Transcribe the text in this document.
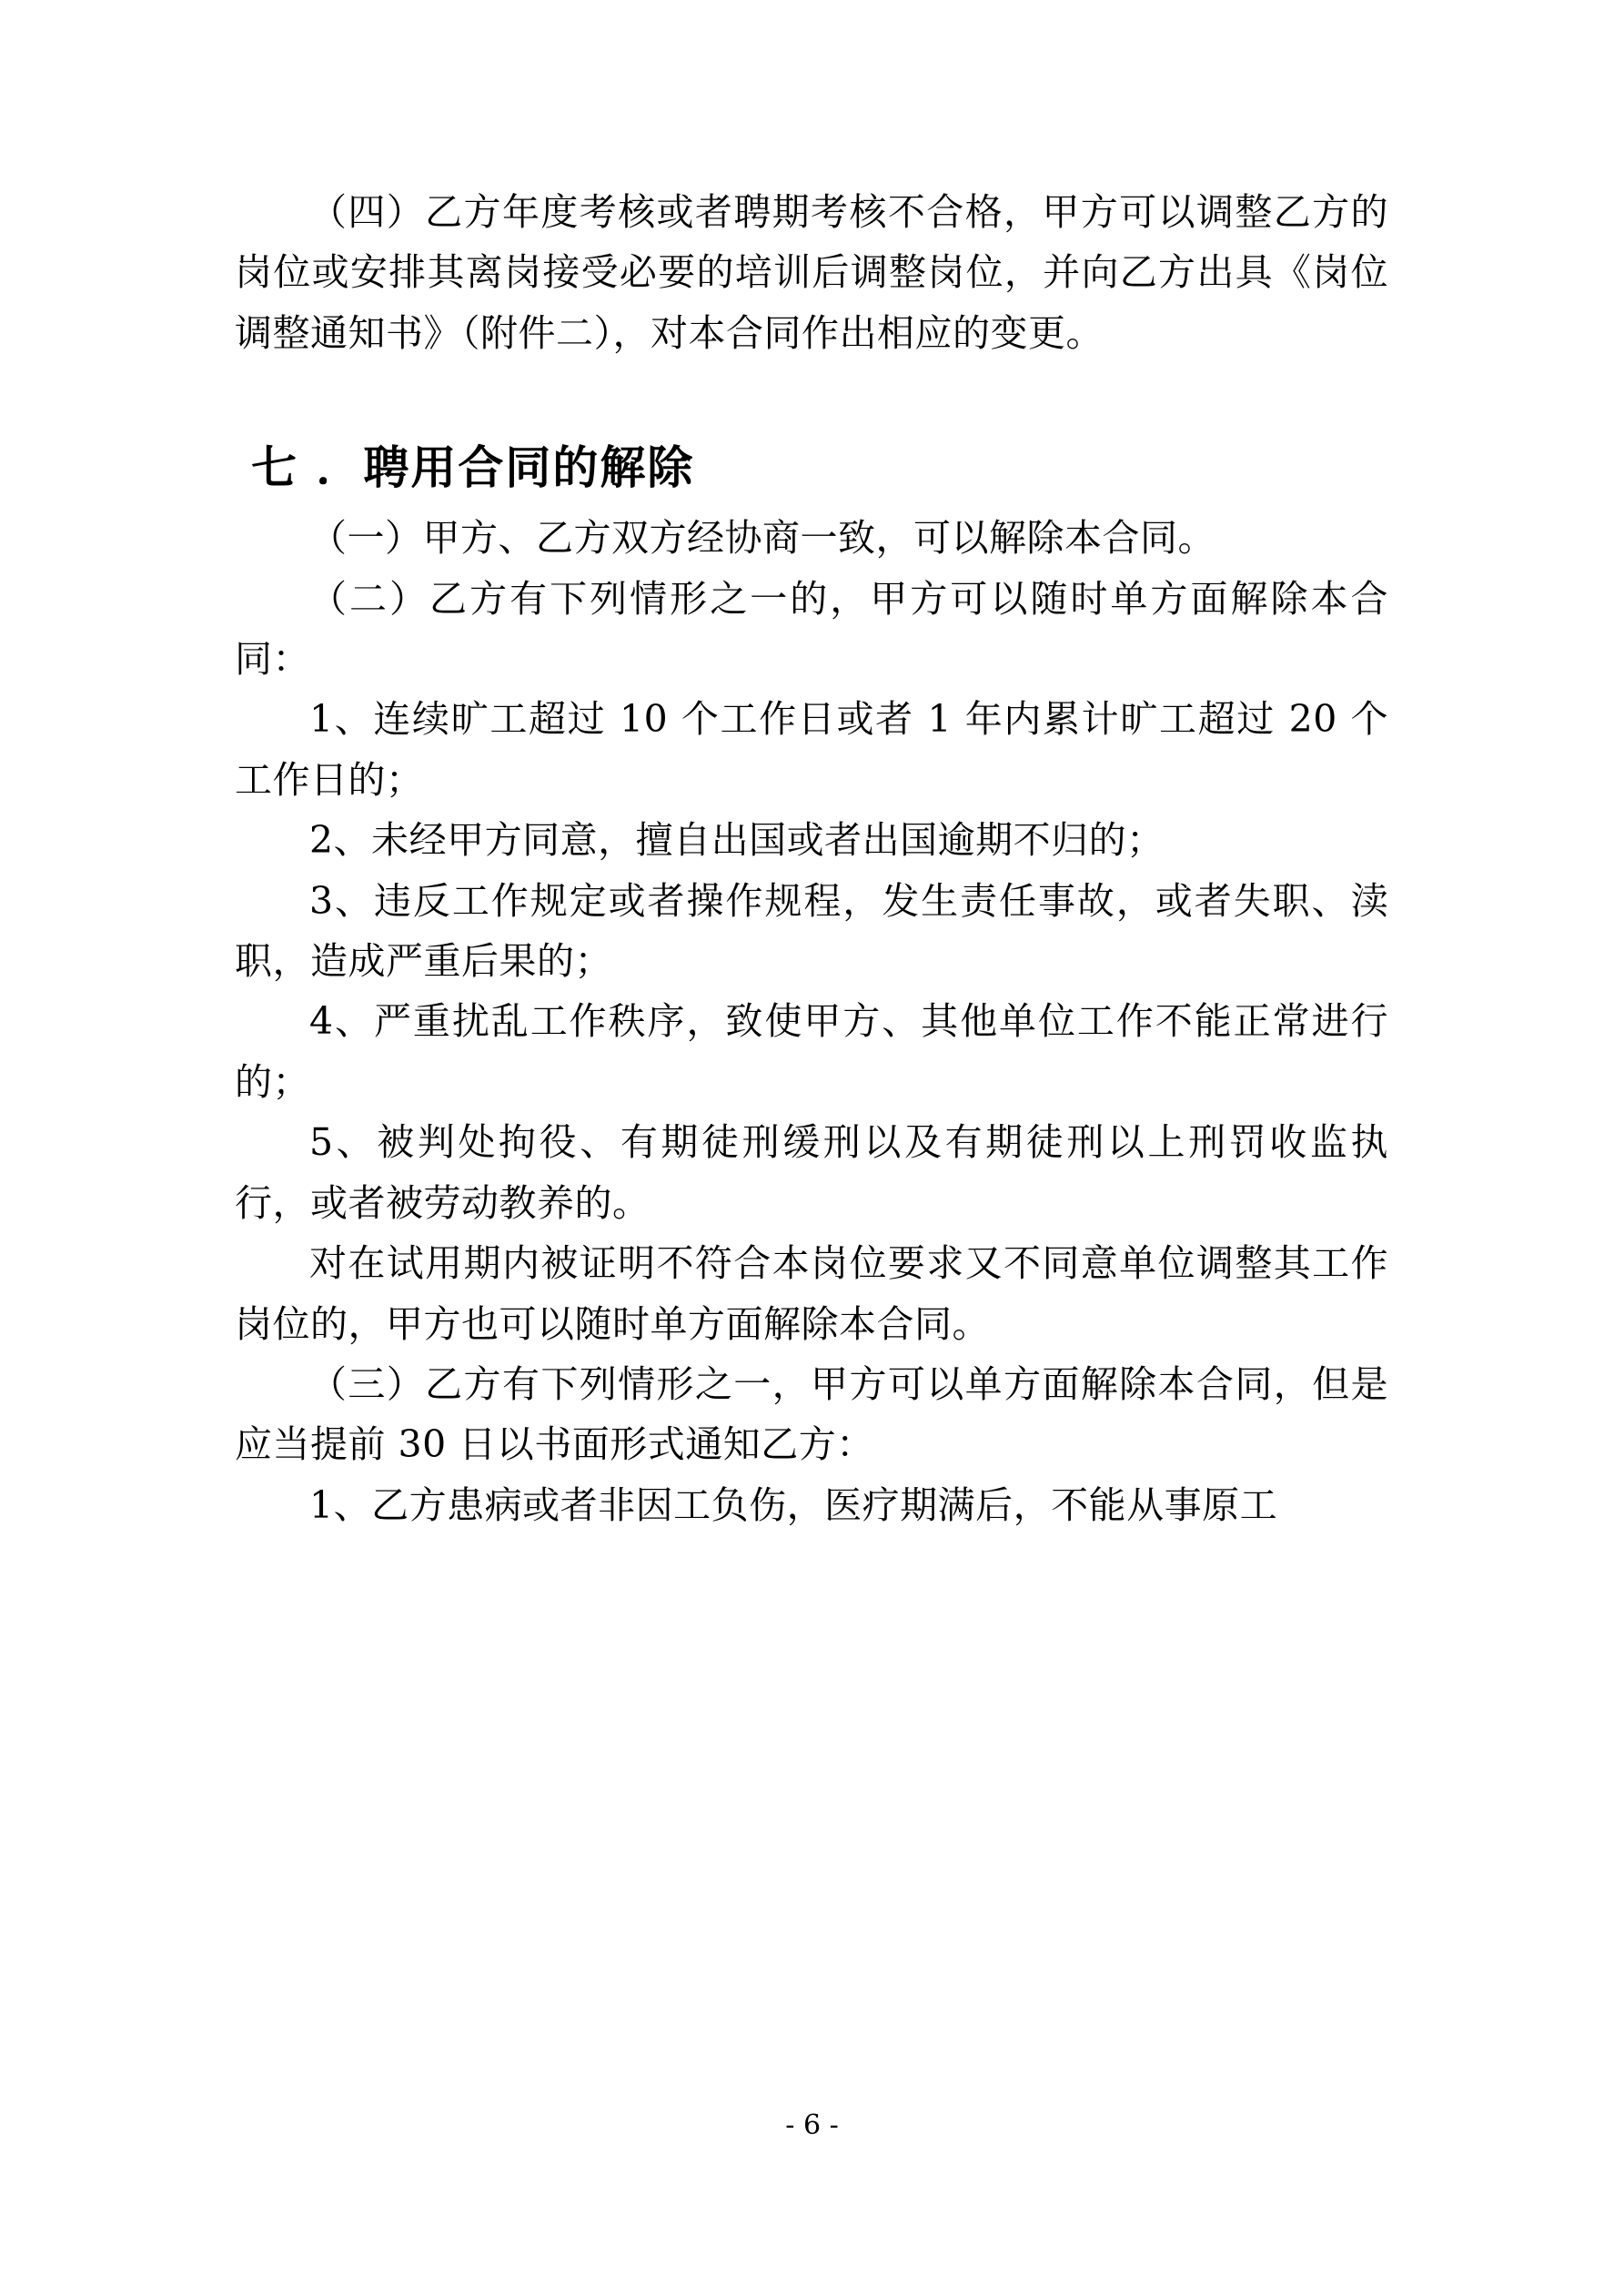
（四）乙方年度考核或者聘期考核不合格，甲方可以调整乙方的岗位或安排其离岗接受必要的培训后调整岗位，并向乙方出具《岗位调整通知书》（附件二），对本合同作出相应的变更。

七 ．聘用合同的解除

（一）甲方、乙方双方经协商一致，可以解除本合同。

（二）乙方有下列情形之一的，甲方可以随时单方面解除本合同：

1、连续旷工超过 10 个工作日或者 1 年内累计旷工超过 20 个工作日的；

2、未经甲方同意，擅自出国或者出国逾期不归的；

3、违反工作规定或者操作规程，发生责任事故，或者失职、渎职，造成严重后果的；

4、严重扰乱工作秩序，致使甲方、其他单位工作不能正常进行的；

5、被判处拘役、有期徒刑缓刑以及有期徒刑以上刑罚收监执行，或者被劳动教养的。

对在试用期内被证明不符合本岗位要求又不同意单位调整其工作岗位的，甲方也可以随时单方面解除本合同。

（三）乙方有下列情形之一，甲方可以单方面解除本合同，但是应当提前 30 日以书面形式通知乙方：

1、乙方患病或者非因工负伤，医疗期满后，不能从事原工

- 6 -
